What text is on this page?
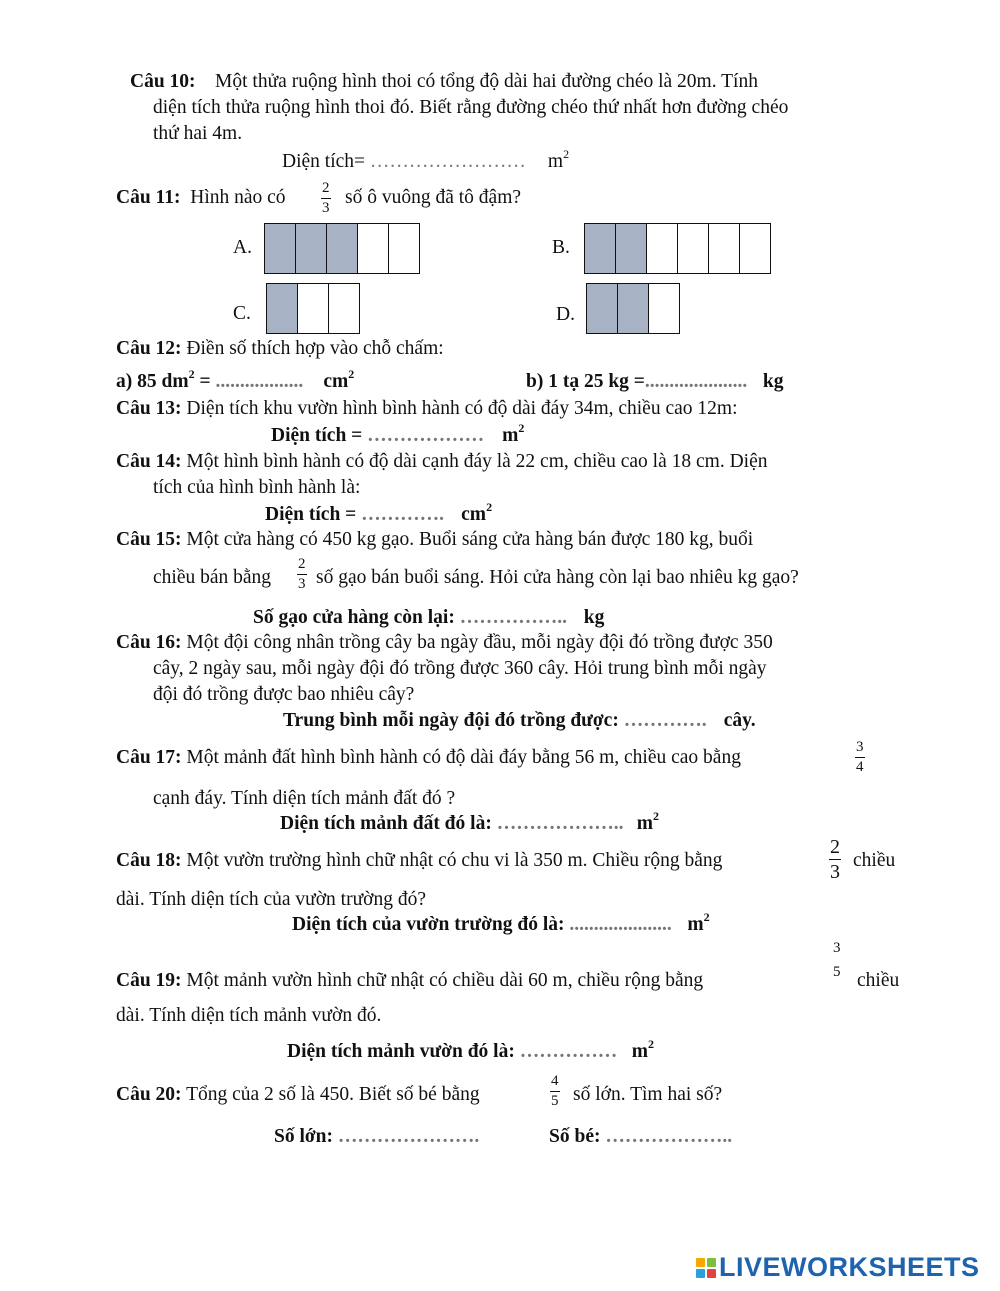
Câu 10: Một thửa ruộng hình thoi có tổng độ dài hai đường chéo là 20m. Tính
diện tích thửa ruộng hình thoi đó. Biết rằng đường chéo thứ nhất hơn đường chéo
thứ hai 4m.
Diện tích= ……………………	$m^2$
Câu 11: Hình nào có $\frac{2}{3}$ số ô vuông đã tô đậm?
A.	B.
C.	D.
Câu 12: Điền số thích hợp vào chỗ chấm:
a) 85 $dm^2$ = ..................	$cm^2$	b) 1 tạ 25 kg =.....................	kg
Câu 13: Diện tích khu vườn hình bình hành có độ dài đáy 34m, chiều cao 12m:
Diện tích = ………………	$m^2$
Câu 14: Một hình bình hành có độ dài cạnh đáy là 22 cm, chiều cao là 18 cm. Diện
tích của hình bình hành là:
Diện tích = ………….	$cm^2$
Câu 15: Một cửa hàng có 450 kg gạo. Buổi sáng cửa hàng bán được 180 kg, buổi
chiều bán bằng $\frac{2}{3}$ số gạo bán buổi sáng. Hỏi cửa hàng còn lại bao nhiêu kg gạo?
Số gạo cửa hàng còn lại: ……………..	kg
Câu 16: Một đội công nhân trồng cây ba ngày đầu, mỗi ngày đội đó trồng được 350
cây, 2 ngày sau, mỗi ngày đội đó trồng được 360 cây. Hỏi trung bình mỗi ngày
đội đó trồng được bao nhiêu cây?
Trung bình mỗi ngày đội đó trồng được: ………….	cây.
Câu 17: Một mảnh đất hình bình hành có độ dài đáy bằng 56 m, chiều cao bằng	$\frac{3}{4}$
cạnh đáy. Tính diện tích mảnh đất đó ?
Diện tích mảnh đất đó là: ………………..	$m^2$
Câu 18: Một vườn trường hình chữ nhật có chu vi là 350 m. Chiều rộng bằng	$\frac{2}{3}$ chiều
dài. Tính diện tích của vườn trường đó?
Diện tích của vườn trường đó là: .....................	$m^2$
3
5
Câu 19: Một mảnh vườn hình chữ nhật có chiều dài 60 m, chiều rộng bằng	chiều
dài. Tính diện tích mảnh vườn đó.
Diện tích mảnh vườn đó là: ……………	$m^2$
Câu 20: Tổng của 2 số là 450. Biết số bé bằng	$\frac{4}{5}$ số lớn. Tìm hai số?
Số lớn: ………………….	Số bé: ………………..
LIVEWORKSHEETS
